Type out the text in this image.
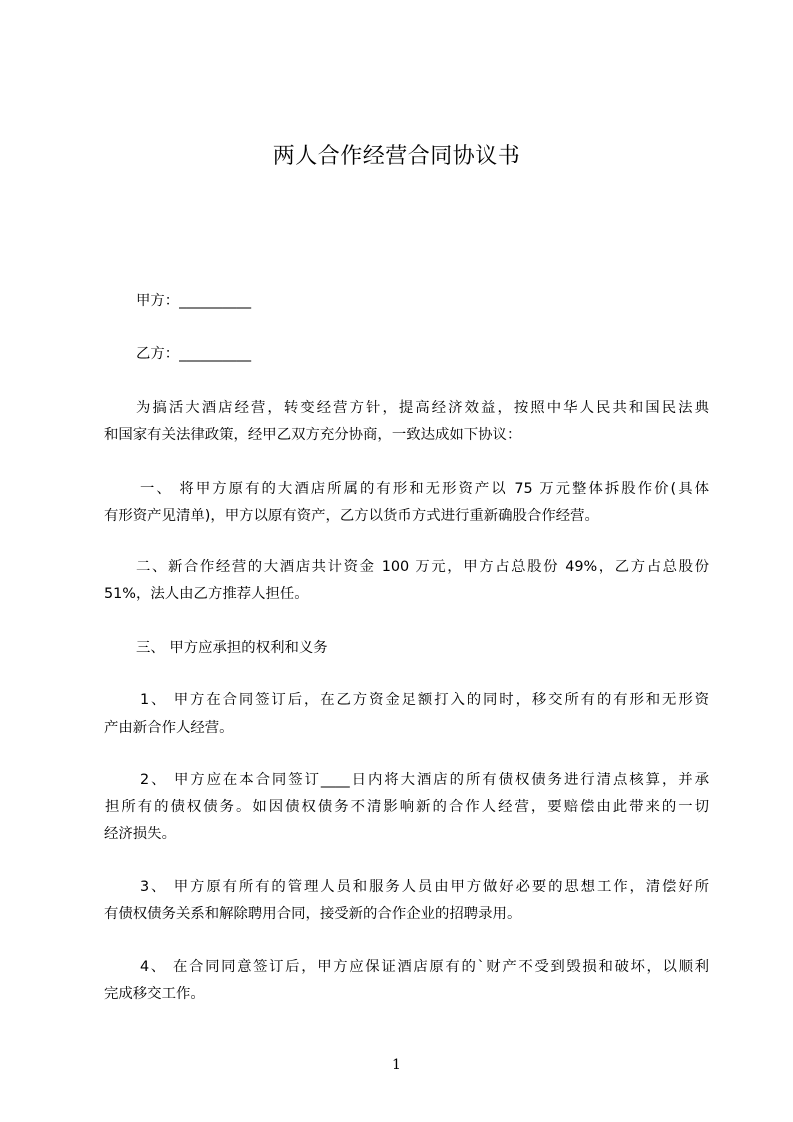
两人合作经营合同协议书
甲方：__________
乙方：__________
为搞活大酒店经营，转变经营方针，提高经济效益，按照中华人民共和国民法典
和国家有关法律政策，经甲乙双方充分协商，一致达成如下协议：
一、 将甲方原有的大酒店所属的有形和无形资产以 75 万元整体拆股作价(具体
有形资产见清单)，甲方以原有资产，乙方以货币方式进行重新确股合作经营。
二、新合作经营的大酒店共计资金 100 万元，甲方占总股份 49%，乙方占总股份
51%，法人由乙方推荐人担任。
三、 甲方应承担的权利和义务
1、 甲方在合同签订后，在乙方资金足额打入的同时，移交所有的有形和无形资
产由新合作人经营。
2、 甲方应在本合同签订____日内将大酒店的所有债权债务进行清点核算，并承
担所有的债权债务。如因债权债务不清影响新的合作人经营，要赔偿由此带来的一切
经济损失。
3、 甲方原有所有的管理人员和服务人员由甲方做好必要的思想工作，清偿好所
有债权债务关系和解除聘用合同，接受新的合作企业的招聘录用。
4、 在合同同意签订后，甲方应保证酒店原有的`财产不受到毁损和破坏，以顺利
完成移交工作。
1
